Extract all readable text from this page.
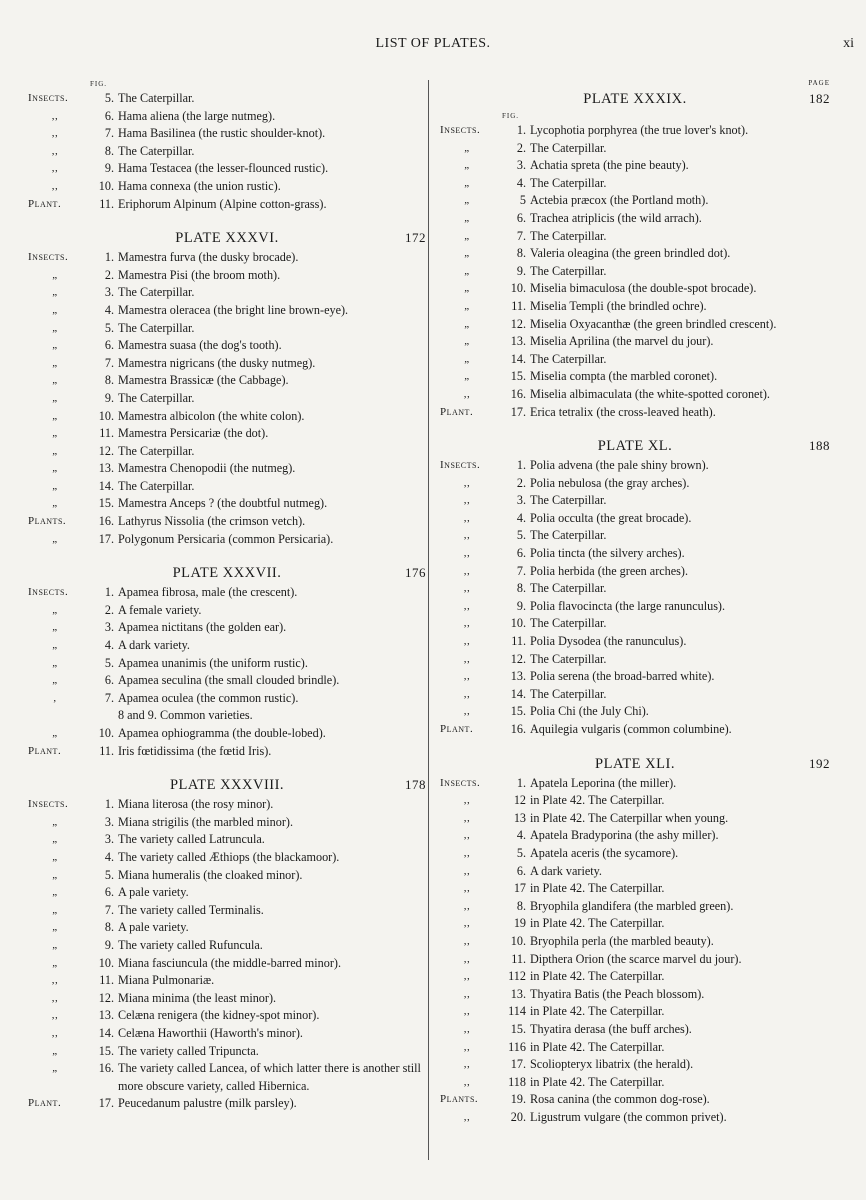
LIST OF PLATES.	xi
FIG.
Insects.	5. The Caterpillar.
,,	6. Hama aliena (the large nutmeg).
,,	7. Hama Basilinea (the rustic shoulder-knot).
,,	8. The Caterpillar.
,,	9. Hama Testacea (the lesser-flounced rustic).
,,	10. Hama connexa (the union rustic).
Plant.	11. Eriphorum Alpinum (Alpine cotton-grass).
PLATE XXXVI.	172
Insects.	1. Mamestra furva (the dusky brocade).
„	2. Mamestra Pisi (the broom moth).
„	3. The Caterpillar.
„	4. Mamestra oleracea (the bright line brown-eye).
„	5. The Caterpillar.
„	6. Mamestra suasa (the dog's tooth).
„	7. Mamestra nigricans (the dusky nutmeg).
„	8. Mamestra Brassicæ (the Cabbage).
„	9. The Caterpillar.
„	10. Mamestra albicolon (the white colon).
„	11. Mamestra Persicariæ (the dot).
„	12. The Caterpillar.
„	13. Mamestra Chenopodii (the nutmeg).
„	14. The Caterpillar.
„	15. Mamestra Anceps ? (the doubtful nutmeg).
Plants.	16. Lathyrus Nissolia (the crimson vetch).
„	17. Polygonum Persicaria (common Persicaria).
PLATE XXXVII.	176
Insects.	1. Apamea fibrosa, male (the crescent).
„	2. A female variety.
„	3. Apamea nictitans (the golden ear).
„	4. A dark variety.
„	5. Apamea unanimis (the uniform rustic).
„	6. Apamea seculina (the small clouded brindle).
,	7. Apamea oculea (the common rustic).
8 and 9. Common varieties.
„	10. Apamea ophiogramma (the double-lobed).
Plant.	11. Iris fœtidissima (the fœtid Iris).
PLATE XXXVIII.	178
Insects.	1. Miana literosa (the rosy minor).
„	3. Miana strigilis (the marbled minor).
„	3. The variety called Latruncula.
„	4. The variety called Æthiops (the blackamoor).
„	5. Miana humeralis (the cloaked minor).
„	6. A pale variety.
„	7. The variety called Terminalis.
„	8. A pale variety.
„	9. The variety called Rufuncula.
„	10. Miana fasciuncula (the middle-barred minor).
,,	11. Miana Pulmonariæ.
,,	12. Miana minima (the least minor).
,,	13. Celæna renigera (the kidney-spot minor).
,,	14. Celæna Haworthii (Haworth's minor).
„	15. The variety called Tripuncta.
„	16. The variety called Lancea, of which latter there is another still more obscure variety, called Hibernica.
Plant.	17. Peucedanum palustre (milk parsley).
PAGE
PLATE XXXIX.	182
FIG.
Insects.	1. Lycophotia porphyrea (the true lover's knot).
„	2. The Caterpillar.
„	3. Achatia spreta (the pine beauty).
„	4. The Caterpillar.
„	5 Actebia præcox (the Portland moth).
„	6. Trachea atriplicis (the wild arrach).
„	7. The Caterpillar.
„	8. Valeria oleagina (the green brindled dot).
„	9. The Caterpillar.
„	10. Miselia bimaculosa (the double-spot brocade).
„	11. Miselia Templi (the brindled ochre).
„	12. Miselia Oxyacanthæ (the green brindled crescent).
„	13. Miselia Aprilina (the marvel du jour).
„	14. The Caterpillar.
„	15. Miselia compta (the marbled coronet).
,,	16. Miselia albimaculata (the white-spotted coronet).
Plant.	17. Erica tetralix (the cross-leaved heath).
PLATE XL.	188
Insects.	1. Polia advena (the pale shiny brown).
,,	2. Polia nebulosa (the gray arches).
,,	3. The Caterpillar.
,,	4. Polia occulta (the great brocade).
,,	5. The Caterpillar.
,,	6. Polia tincta (the silvery arches).
,,	7. Polia herbida (the green arches).
,,	8. The Caterpillar.
,,	9. Polia flavocincta (the large ranunculus).
,,	10. The Caterpillar.
,,	11. Polia Dysodea (the ranunculus).
,,	12. The Caterpillar.
,,	13. Polia serena (the broad-barred white).
,,	14. The Caterpillar.
,,	15. Polia Chi (the July Chi).
Plant.	16. Aquilegia vulgaris (common columbine).
PLATE XLI.	192
Insects.	1. Apatela Leporina (the miller).
,,	12 in Plate 42. The Caterpillar.
,,	13 in Plate 42. The Caterpillar when young.
,,	4. Apatela Bradyporina (the ashy miller).
,,	5. Apatela aceris (the sycamore).
,,	6. A dark variety.
,,	17 in Plate 42. The Caterpillar.
,,	8. Bryophila glandifera (the marbled green).
,,	19 in Plate 42. The Caterpillar.
,,	10. Bryophila perla (the marbled beauty).
,,	11. Dipthera Orion (the scarce marvel du jour).
,,	112 in Plate 42. The Caterpillar.
,,	13. Thyatira Batis (the Peach blossom).
,,	114 in Plate 42. The Caterpillar.
,,	15. Thyatira derasa (the buff arches).
,,	116 in Plate 42. The Caterpillar.
,,	17. Scoliopteryx libatrix (the herald).
,,	118 in Plate 42. The Caterpillar.
Plants.	19. Rosa canina (the common dog-rose).
,,	20. Ligustrum vulgare (the common privet).
